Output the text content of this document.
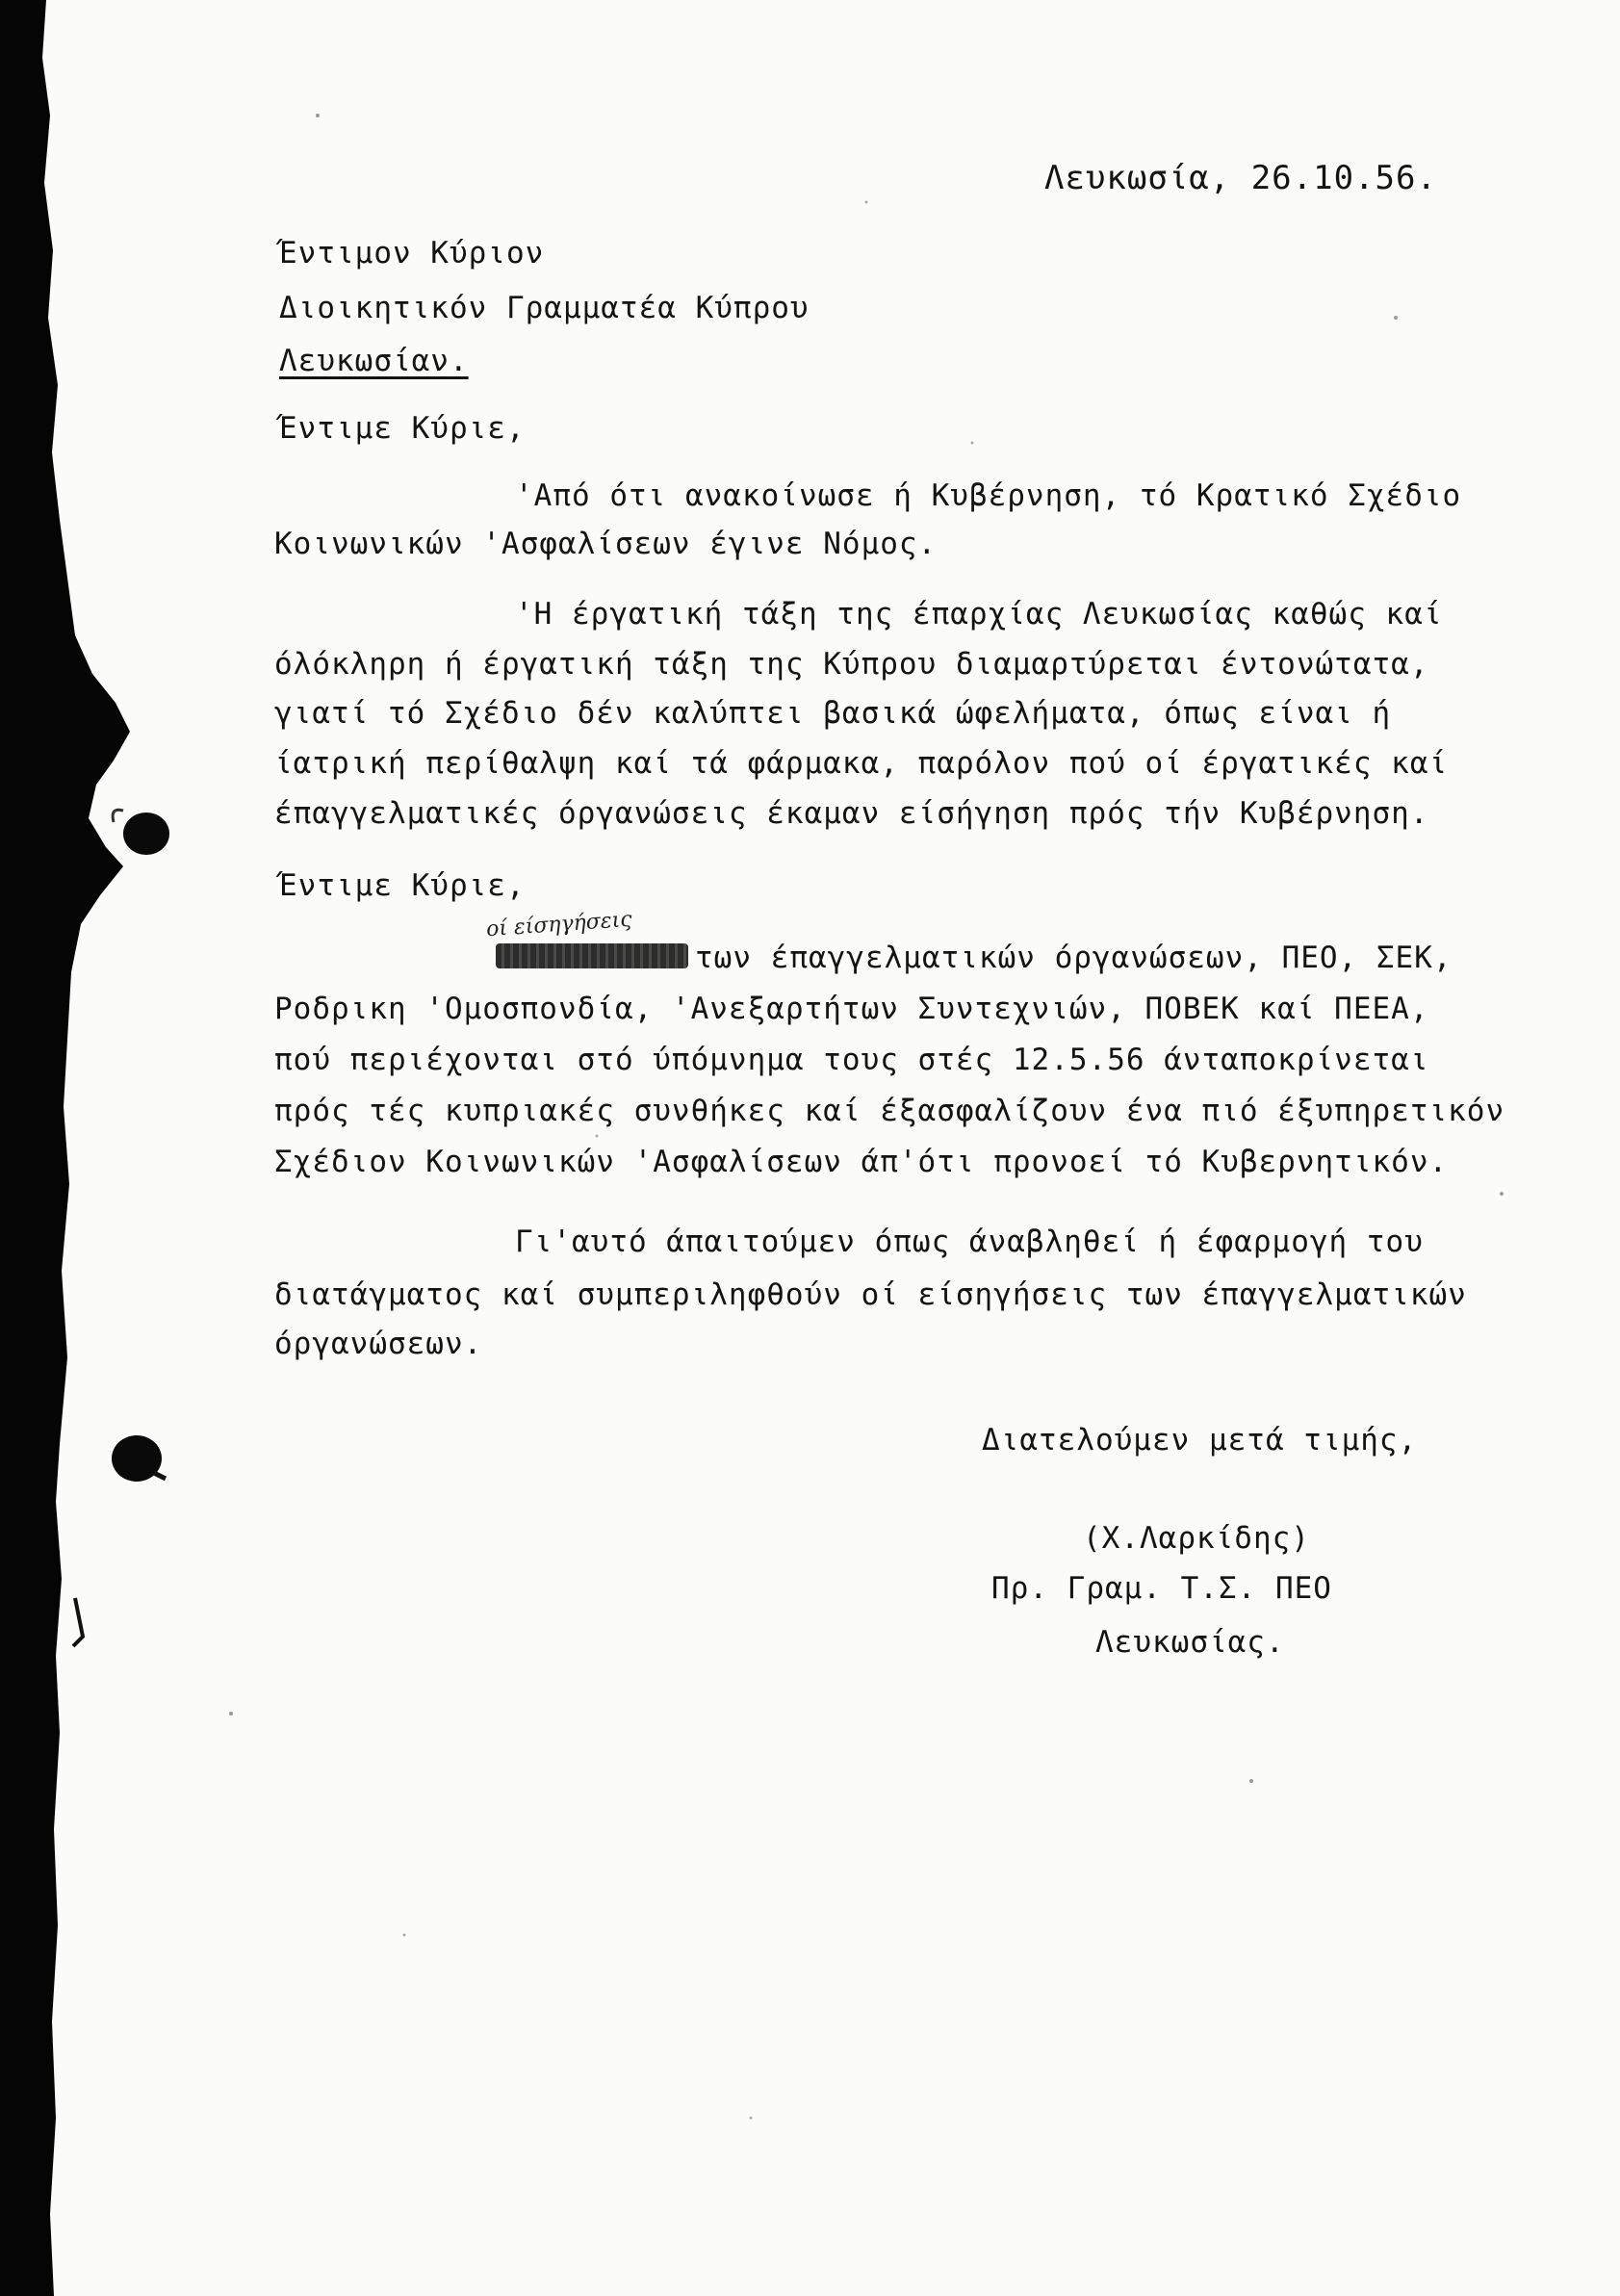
Λευκωσία, 26.10.56.
Έντιμον Κύριον
Διοικητικόν Γραμματέα Κύπρου
Λευκωσίαν.
Έντιμε Κύριε,
'Από ότι ανακοίνωσε ή Κυβέρνηση, τό Κρατικό Σχέδιο
Κοινωνικών 'Ασφαλίσεων έγινε Νόμος.
'Η έργατική τάξη της έπαρχίας Λευκωσίας καθώς καί
όλόκληρη ή έργατική τάξη της Κύπρου διαμαρτύρεται έντονώτατα,
γιατί τό Σχέδιο δέν καλύπτει βασικά ώφελήματα, όπως είναι ή
ίατρική περίθαλψη καί τά φάρμακα, παρόλον πού οί έργατικές καί
έπαγγελματικές όργανώσεις έκαμαν είσήγηση πρός τήν Κυβέρνηση.
Έντιμε Κύριε,
οί είσηγήσεις
των έπαγγελματικών όργανώσεων, ΠΕΟ, ΣΕΚ,
Ροδρικη 'Ομοσπονδία, 'Ανεξαρτήτων Συντεχνιών, ΠΟΒΕΚ καί ΠΕΕΑ,
πού περιέχονται στό ύπόμνημα τους στές 12.5.56 άνταποκρίνεται
πρός τές κυπριακές συνθήκες καί έξασφαλίζουν ένα πιό έξυπηρετικόν
Σχέδιον Κοινωνικών 'Ασφαλίσεων άπ'ότι προνοεί τό Κυβερνητικόν.
Γι'αυτό άπαιτούμεν όπως άναβληθεί ή έφαρμογή του
διατάγματος καί συμπεριληφθούν οί είσηγήσεις των έπαγγελματικών
όργανώσεων.
Διατελούμεν μετά τιμής,
(Χ.Λαρκίδης)
Πρ. Γραμ. Τ.Σ. ΠΕΟ
Λευκωσίας.
